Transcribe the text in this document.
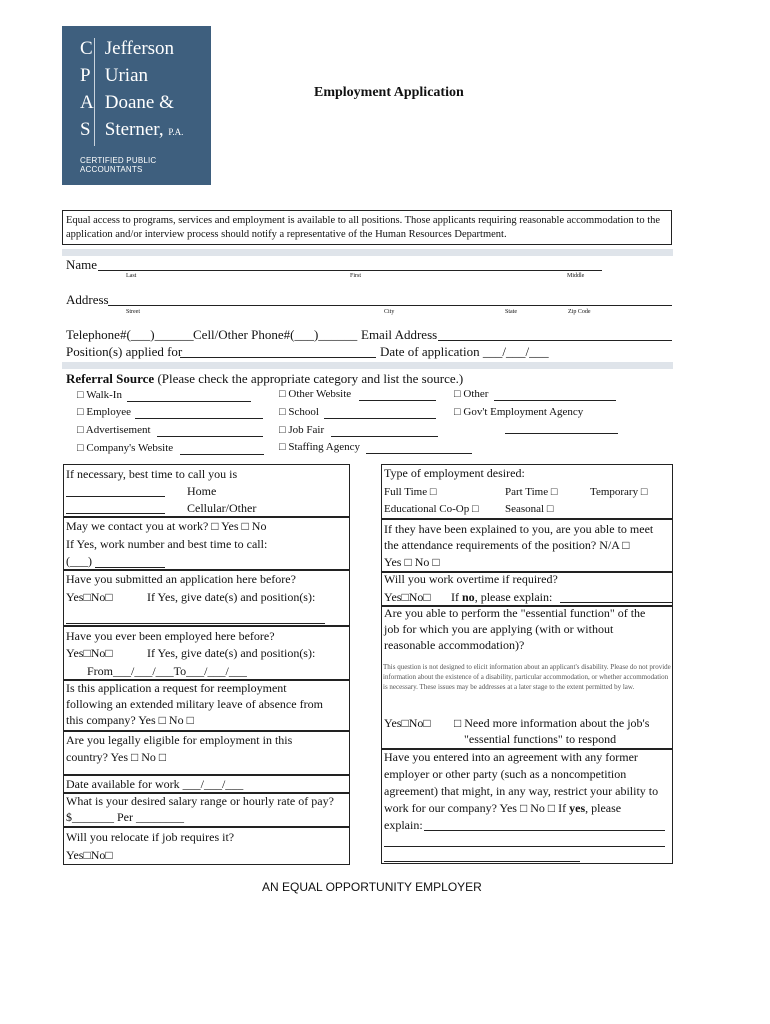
C Jefferson
P Urian
A Doane &
S Sterner, P.A.
CERTIFIED PUBLIC ACCOUNTANTS
Employment Application
Equal access to programs, services and employment is available to all positions. Those applicants requiring reasonable accommodation to the application and/or interview process should notify a representative of the Human Resources Department.
Name
Last	First	Middle
Address
Street	City	State	Zip Code
Telephone#(___)______ Cell/Other Phone#(___)______ Email Address
Position(s) applied for	Date of application ___/___/___
Referral Source (Please check the appropriate category and list the source.)
□ Walk-In
□ Employee
□ Advertisement
□ Company's Website
□ Other Website
□ School
□ Job Fair
□ Staffing Agency
□ Other
□ Gov't Employment Agency
If necessary, best time to call you is
Home
Cellular/Other
May we contact you at work? □ Yes □ No
If Yes, work number and best time to call:
(___)
Have you submitted an application here before?
Yes□No□	If Yes, give date(s) and position(s):
Have you ever been employed here before?
Yes□No□	If Yes, give date(s) and position(s):
From___/___/___To___/___/___
Is this application a request for reemployment
following an extended military leave of absence from
this company? Yes □ No □
Are you legally eligible for employment in this
country? Yes □ No □
Date available for work ___/___/___
What is your desired salary range or hourly rate of pay?
$_______ Per ________
Will you relocate if job requires it?
Yes□No□
Type of employment desired:
Full Time □	Part Time □	Temporary □
Educational Co-Op □ Seasonal □
If they have been explained to you, are you able to meet
the attendance requirements of the position? N/A □
Yes □ No □
Will you work overtime if required?
Yes□No□ If no, please explain:
Are you able to perform the "essential function" of the
job for which you are applying (with or without
reasonable accommodation)?
This question is not designed to elicit information about an applicant's disability. Please do not provide information about the existence of a disability, particular accommodation, or whether accommodation is necessary. These issues may be addresses at a later stage to the extent permitted by law.
Yes□No□ □ Need more information about the job's
"essential functions" to respond
Have you entered into an agreement with any former
employer or other party (such as a noncompetition
agreement) that might, in any way, restrict your ability to
work for our company? Yes □ No □ If yes, please
explain:
AN EQUAL OPPORTUNITY EMPLOYER
